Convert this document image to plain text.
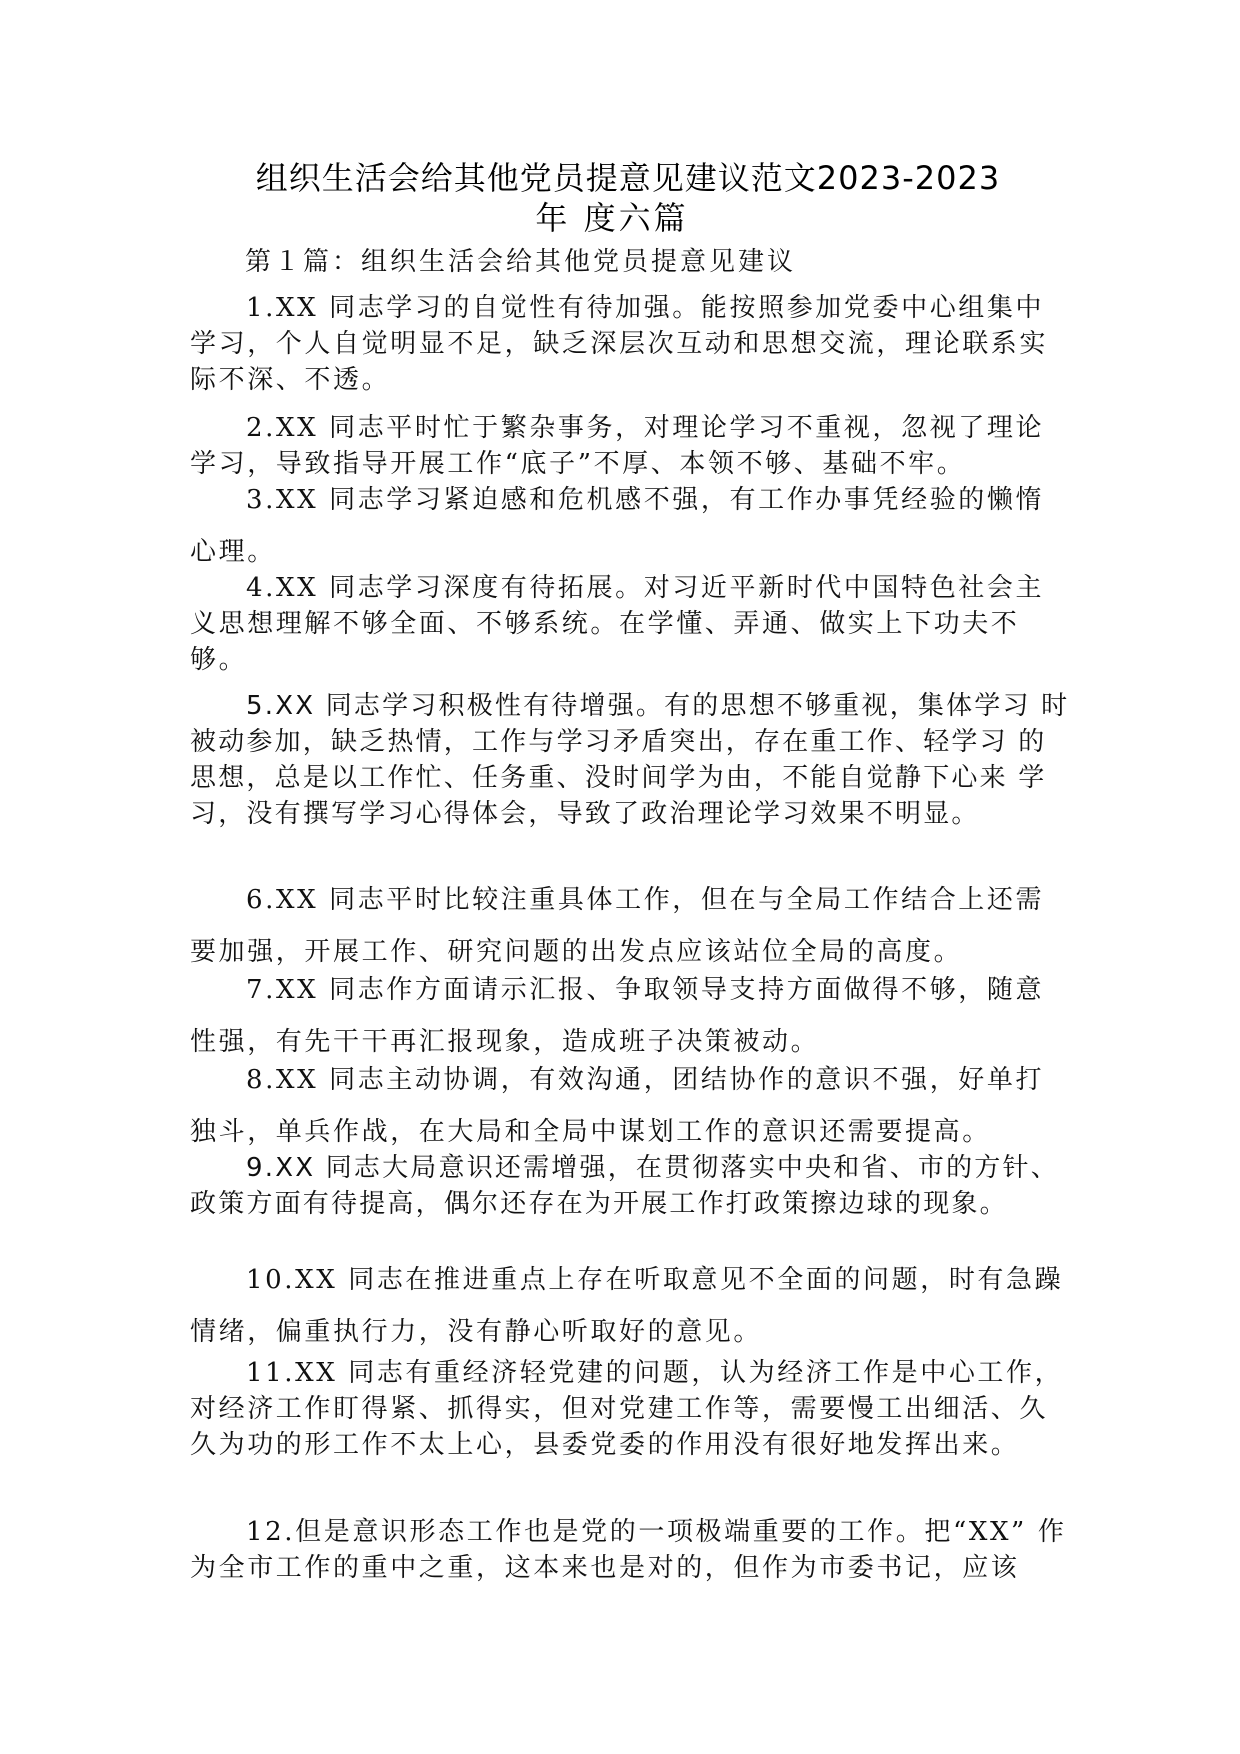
组织生活会给其他党员提意见建议范文2023-2023
年 度六篇
第１篇：组织生活会给其他党员提意见建议

1.XX 同志学习的自觉性有待加强。能按照参加党委中心组集中学习，个人自觉明显不足，缺乏深层次互动和思想交流，理论联系实 际不深、不透。

2.XX 同志平时忙于繁杂事务，对理论学习不重视，忽视了理论 学习，导致指导开展工作“底子”不厚、本领不够、基础不牢。

3.XX 同志学习紧迫感和危机感不强，有工作办事凭经验的懒惰心理。

4.XX 同志学习深度有待拓展。对习近平新时代中国特色社会主 义思想理解不够全面、不够系统。在学懂、弄通、做实上下功夫不够。

5.XX 同志学习积极性有待增强。有的思想不够重视，集体学习 时被动参加，缺乏热情，工作与学习矛盾突出，存在重工作、轻学习 的思想，总是以工作忙、任务重、没时间学为由，不能自觉静下心来 学习，没有撰写学习心得体会，导致了政治理论学习效果不明显。

6.XX 同志平时比较注重具体工作，但在与全局工作结合上还需要加强，开展工作、研究问题的出发点应该站位全局的高度。

7.XX 同志作方面请示汇报、争取领导支持方面做得不够，随意性强，有先干干再汇报现象，造成班子决策被动。

8.XX 同志主动协调，有效沟通，团结协作的意识不强，好单打独斗，单兵作战，在大局和全局中谋划工作的意识还需要提高。

9.XX 同志大局意识还需增强，在贯彻落实中央和省、市的方针、 政策方面有待提高，偶尔还存在为开展工作打政策擦边球的现象。

10.XX 同志在推进重点上存在听取意见不全面的问题，时有急躁情绪，偏重执行力，没有静心听取好的意见。

11.XX 同志有重经济轻党建的问题，认为经济工作是中心工作， 对经济工作盯得紧、抓得实，但对党建工作等，需要慢工出细活、久 久为功的形工作不太上心，县委党委的作用没有很好地发挥出来。

12.但是意识形态工作也是党的一项极端重要的工作。把“XX” 作为全市工作的重中之重，这本来也是对的，但作为市委书记，应该
